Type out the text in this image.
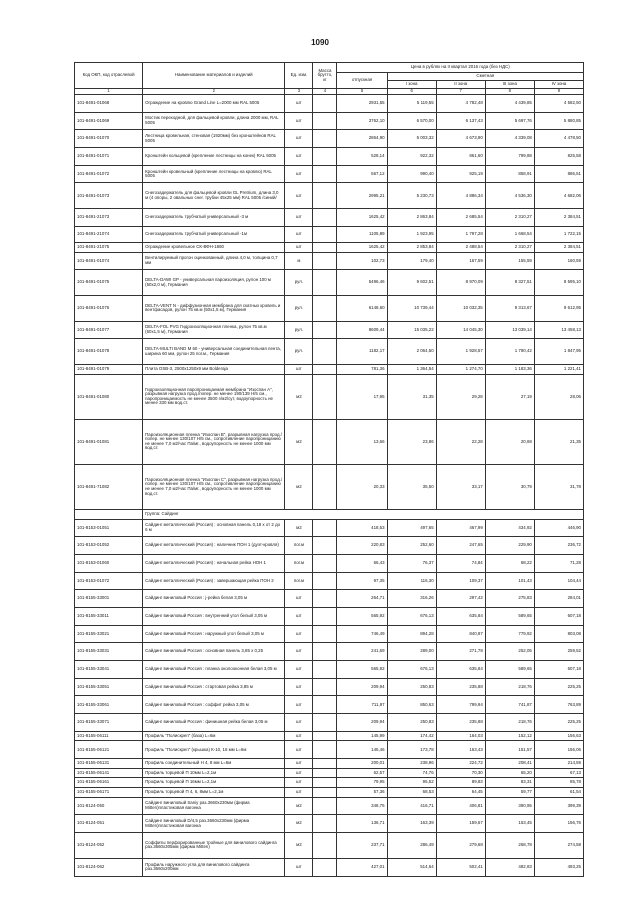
1090
Код ОКП, код отраслевой	Наименование материалов и изделий	Ед. изм.	Масса брутто, кг	Цена в рублях на II квартал 2016 года (без НДС)				
				отпускная	Сметная			
					I зона	II зона	III зона	IV зона
1	2	3	4	5	6	7	8	9
101-8491-01068	Ограждение на кровлю Grand Line L=2000 мм RAL 5005	шт		2931,55	5 119,55	4 782,48	4 439,85	4 582,50
101-8491-01069	Мостик переходной, для фальцевой кровли, длина 2000 мм, RAL 5005	шт		3762,10	6 570,00	6 137,43	5 697,76	5 880,85
101-8491-01070	Лестница кровельная, стеновая (1920мм) без кронштейнов RAL 5005	шт		2864,90	5 003,32	4 673,90	4 339,08	4 478,50
101-8491-01071	Кронштейн кольцевой (крепление лестницы на конек) RAL 5005	шт		528,14	922,32	861,60	799,88	825,58
101-8491-01072	Кронштейн кровельный (крепление лестницы на кровлю) RAL 5005	шт		567,12	990,40	925,19	858,91	886,51
101-8491-01073	Снегозадержатель для фальцевой кровли GL Pretrium, длина 3,0 м (4 опоры, 2 овальных снег. трубки 45x25 мм) RAL 5005 /синий/	шт		2995,21	5 230,73	4 886,34	4 536,30	4 682,06
101-8491-21073	Снегозадержатель трубчатый универсальный -3 м	шт		1625,42	2 863,84	2 685,54	2 310,27	2 384,51
101-8491-21074	Снегозадержатель трубчатый универсальный -1м	шт		1105,89	1 923,95	1 797,28	1 668,54	1 722,15
101-8491-21075	Ограждение кровельное СК-ВФН-1860	шт		1625,42	2 853,84	2 488,54	2 310,27	2 384,51
101-8491-01074	Вентилируемый прогон оцинкованный, длина 4,0 м, толщина 0,7 мм	м		102,73	179,40	167,59	155,59	160,59
101-8491-01075	DELTA-DAWI GP - универсальная пароизоляция, рулон 100 м (50x2,0 м), Германия	рул.		5496,46	9 602,51	8 970,09	8 327,51	8 595,10
101-8491-01076	DELTA-VENT N - диффузионная мембрана для скатных кровель и вентфасадов, рулон 75 кв.м (50x1,5 м), Германия	рул.		6148,60	10 739,44	10 032,35	9 313,67	9 612,95
101-8491-01077	DELTA-FOL PVG Гидроизоляционная пленка, рулон 75 кв.м (50x1,5 м), Германия	рул.		8609,44	15 035,22	14 045,30	13 039,14	13 458,13
101-8491-01078	DELTA-MULTI BAND M 60 - универсальная соединительная лента, ширина 60 мм, рулон 25 пог.м., Германия	рул.		1182,17	2 064,50	1 928,57	1 790,42	1 847,95
101-8491-01079	Плита OSB-3, 2500x1250x9 мм Bolderaja	шт		781,36	1 364,54	1 274,70	1 183,36	1 221,41
101-8491-01080	Гидроизоляционная паропроницаемая мембрана "Изоспан А", разрывная нагрузка прод./попер. не менее 190/139 Н/5 см., паропроницаемость не менее 3500 г/м2/сут, водоупорность не менее 330 мм вод.ст.	м2		17,95	31,35	29,28	27,19	28,06
101-8491-01081	Пароизоляционная пленка "Изоспан В", разрывная нагрузка прод./попер. не менее 130/107 Н/5 см., сопротивление паропроницанию не менее 7,0 м2/час Па/мг., водоупорность не менее 1000 мм вод.ст.	м2		13,66	23,86	22,28	20,69	21,35
101-8491-71082	Пароизоляционная пленка "Изоспан С", разрывная нагрузка прод./попер. не менее 130/107 Н/5 см., сопротивление паропроницанию не менее 7,0 м2/час Па/мг., водоупорность не менее 1000 мм вод.ст.	м2		20,33	35,50	33,17	30,79	31,78
	Группа: Сайдинг							
101-8153-01051	Сайдинг металлический (Россия) : основная панель 0,18 x от 2 до 6 м	м2		418,53	497,65	467,99	434,92	446,90
101-8153-01052	Сайдинг металлический (Россия) : наличник ПОН 1 (дуэт-кровля)	пог.м		220,83	252,60	247,65	229,90	236,72
101-8153-01060	Сайдинг металлический (Россия) : начальная рейка НОН 1	пог.м		66,43	76,37	74,84	68,22	71,28
101-8153-01072	Сайдинг металлический (Россия) : завершающая рейка ПОН 2	пог.м		97,35	116,30	109,37	101,43	104,44
101-8155-33001	Сайдинг виниловый Россия : j-рейка белая 3,05 м	шт		264,71	316,26	297,42	275,83	284,01
101-8155-33011	Сайдинг виниловый Россия : внутренний угол белый 3,05 м	шт		565,92	676,13	635,84	589,65	607,18
101-8155-33021	Сайдинг виниловый Россия : наружный угол белый 3,05 м	шт		746,49	894,28	840,97	779,92	803,08
101-8155-33031	Сайдинг виниловый Россия : основная панель 3,85 x 0,25	шт		241,69	289,00	271,78	252,05	259,52
101-8155-33041	Сайдинг виниловый Россия : планка околооконная белая 3,05 м	шт		565,92	676,13	635,84	589,65	607,18
101-8155-33051	Сайдинг виниловый Россия : стартовая рейка 3,85 м	шт		209,94	250,83	235,88	218,76	225,25
101-8155-33061	Сайдинг виниловый Россия : соффит рейка 3,05 м	шт		711,97	850,63	799,94	741,87	763,89
101-8155-33071	Сайдинг виниловый Россия : финишная рейка белая 3,05 м	шт		209,94	250,83	235,88	218,76	225,25
101-8155-06111	Профиль "Полискреп" (база) L=6м	шт		145,99	174,42	164,03	152,12	156,63
101-8155-06121	Профиль "Полискреп" (крышка) К-10, 16 мм L=6м	шт		145,46	173,78	163,43	151,57	156,06
101-8155-06131	Профиль соединительный Н 4, 8 мм L=6м	шт		200,01	238,96	224,72	208,41	214,59
101-8155-06141	Профиль торцевой П 10мм L=2,1м	шт		62,57	74,76	70,30	65,20	67,13
101-8155-06161	Профиль торцевой П 16мм L=2,1м	шт		79,95	95,52	89,83	83,31	85,78
101-8155-06171	Профиль торцевой П 4, 6, 8мм L=2,1м	шт		57,36	68,53	64,45	59,77	61,54
101-8124-050	Сайдинг виниловый Saniy раз.3660x230мм (фирма Mitten)пластиковая вагонка	м2		348,75	416,71	406,81	390,95	399,39
101-8124-051	Сайдинг виниловый D/4,5 раз.3660x230мм (фирма Mitten)пластиковая вагонка	м2		136,71	163,39	159,67	153,45	156,76
101-8124-052	Соффиты перфорированные тройные для винилового сайдинга раз.3660x305мм (фирма Mitten)	м2		237,71	286,49	279,68	268,78	274,58
101-8124-062	Профиль наружного угла для винилового сайдинга раз.3660x200мм	шт		427,01	514,64	502,41	482,83	493,25
